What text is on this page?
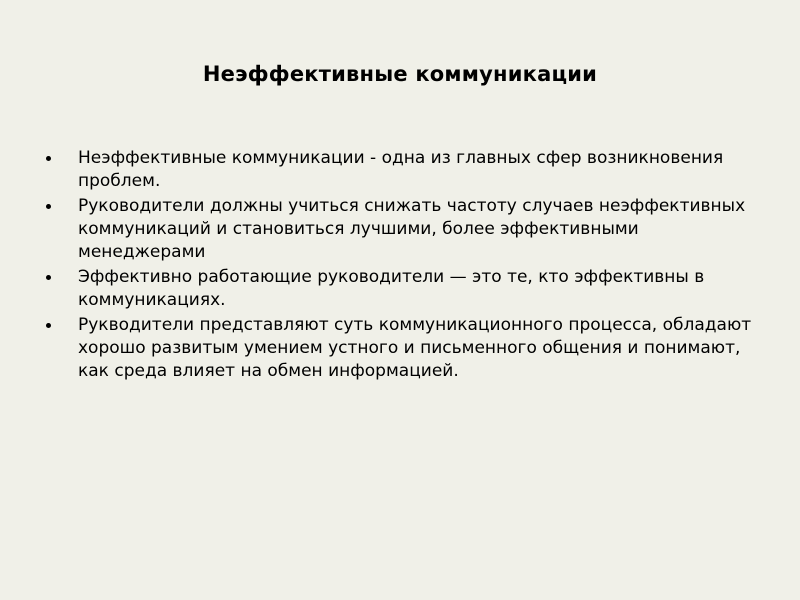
Неэффективные коммуникации
Неэффективные коммуникации - одна из главных сфер возникновения проблем.
Руководители должны учиться снижать частоту случаев неэффективных коммуникаций и становиться лучшими, более эффективными менеджерами
Эффективно работающие руководители — это те, кто эффективны в коммуникациях.
Рукводители представляют суть коммуникационного процесса, обладают хорошо развитым умением устного и письменного общения и понимают, как среда влияет на обмен информацией.
